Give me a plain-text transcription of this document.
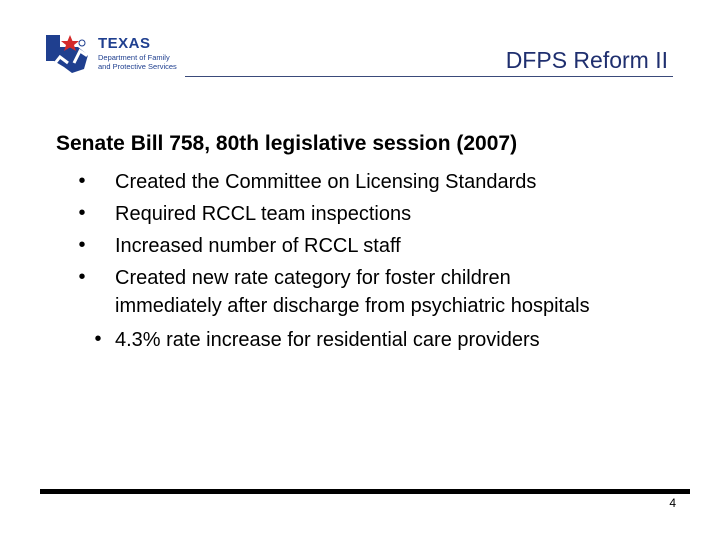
TEXAS
Department of Family
and Protective Services	DFPS Reform II
Senate Bill 758, 80th legislative session (2007)
• Created the Committee on Licensing Standards
• Required RCCL team inspections
• Increased number of RCCL staff
• Created new rate category for foster children
immediately after discharge from psychiatric hospitals
• 4.3% rate increase for residential care providers
4
